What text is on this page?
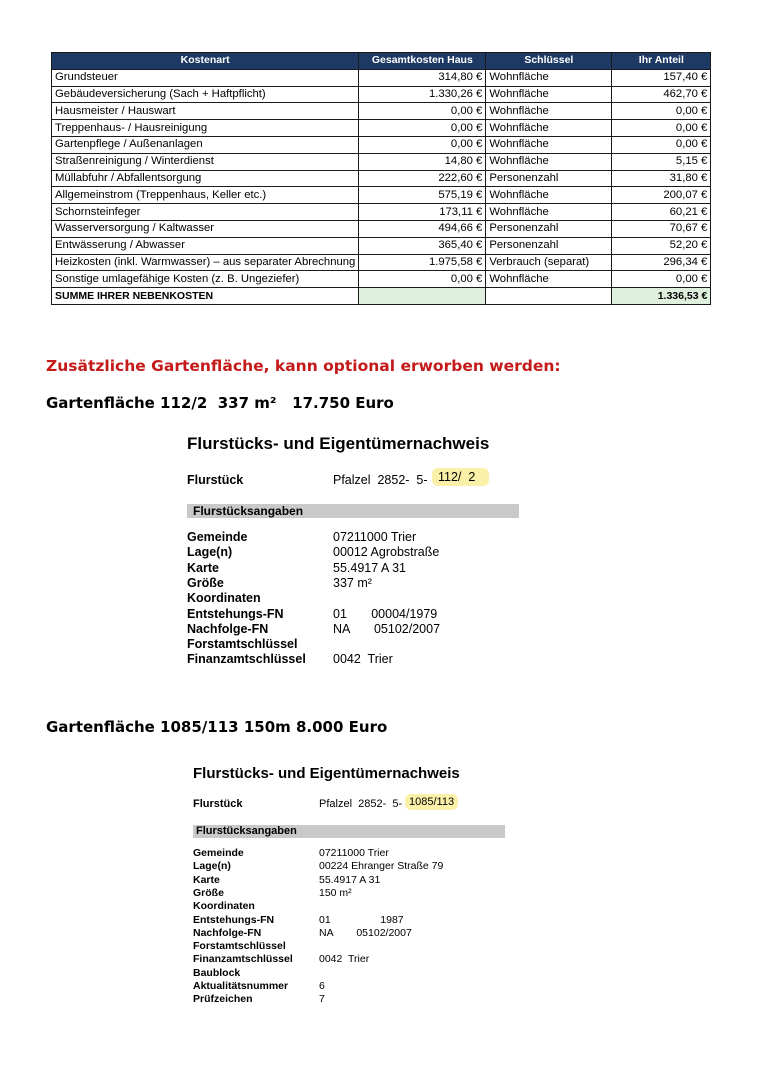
Kostenart	Gesamtkosten Haus	Schlüssel	Ihr Anteil
Grundsteuer	314,80 €	Wohnfläche	157,40 €
Gebäudeversicherung (Sach + Haftpflicht)	1.330,26 €	Wohnfläche	462,70 €
Hausmeister / Hauswart	0,00 €	Wohnfläche	0,00 €
Treppenhaus- / Hausreinigung	0,00 €	Wohnfläche	0,00 €
Gartenpflege / Außenanlagen	0,00 €	Wohnfläche	0,00 €
Straßenreinigung / Winterdienst	14,80 €	Wohnfläche	5,15 €
Müllabfuhr / Abfallentsorgung	222,60 €	Personenzahl	31,80 €
Allgemeinstrom (Treppenhaus, Keller etc.)	575,19 €	Wohnfläche	200,07 €
Schornsteinfeger	173,11 €	Wohnfläche	60,21 €
Wasserversorgung / Kaltwasser	494,66 €	Personenzahl	70,67 €
Entwässerung / Abwasser	365,40 €	Personenzahl	52,20 €
Heizkosten (inkl. Warmwasser) – aus separater Abrechnung	1.975,58 €	Verbrauch (separat)	296,34 €
Sonstige umlagefähige Kosten (z. B. Ungeziefer)	0,00 €	Wohnfläche	0,00 €
SUMME IHRER NEBENKOSTEN			1.336,53 €
Zusätzliche Gartenfläche, kann optional erworben werden:
Gartenfläche 112/2  337 m²   17.750 Euro
Flurstücks- und Eigentümernachweis
Flurstück	Pfalzel  2852-  5- 112/  2
Flurstücksangaben
Gemeinde	07211000 Trier
Lage(n)	00012 Agrobstraße
Karte	55.4917 A 31
Größe	337 m²
Koordinaten
Entstehungs-FN	01       00004/1979
Nachfolge-FN	NA       05102/2007
Forstamtschlüssel
Finanzamtschlüssel 0042  Trier
Gartenfläche 1085/113 150m 8.000 Euro
Flurstücks- und Eigentümernachweis
Flurstück	Pfalzel  2852-  5- 1085/113
Flurstücksangaben
Gemeinde	07211000 Trier
Lage(n)	00224 Ehranger Straße 79
Karte	55.4917 A 31
Größe	150 m²
Koordinaten
Entstehungs-FN	01                 1987
Nachfolge-FN	NA        05102/2007
Forstamtschlüssel
Finanzamtschlüssel 0042  Trier
Baublock
Aktualitätsnummer	6
Prüfzeichen	7
